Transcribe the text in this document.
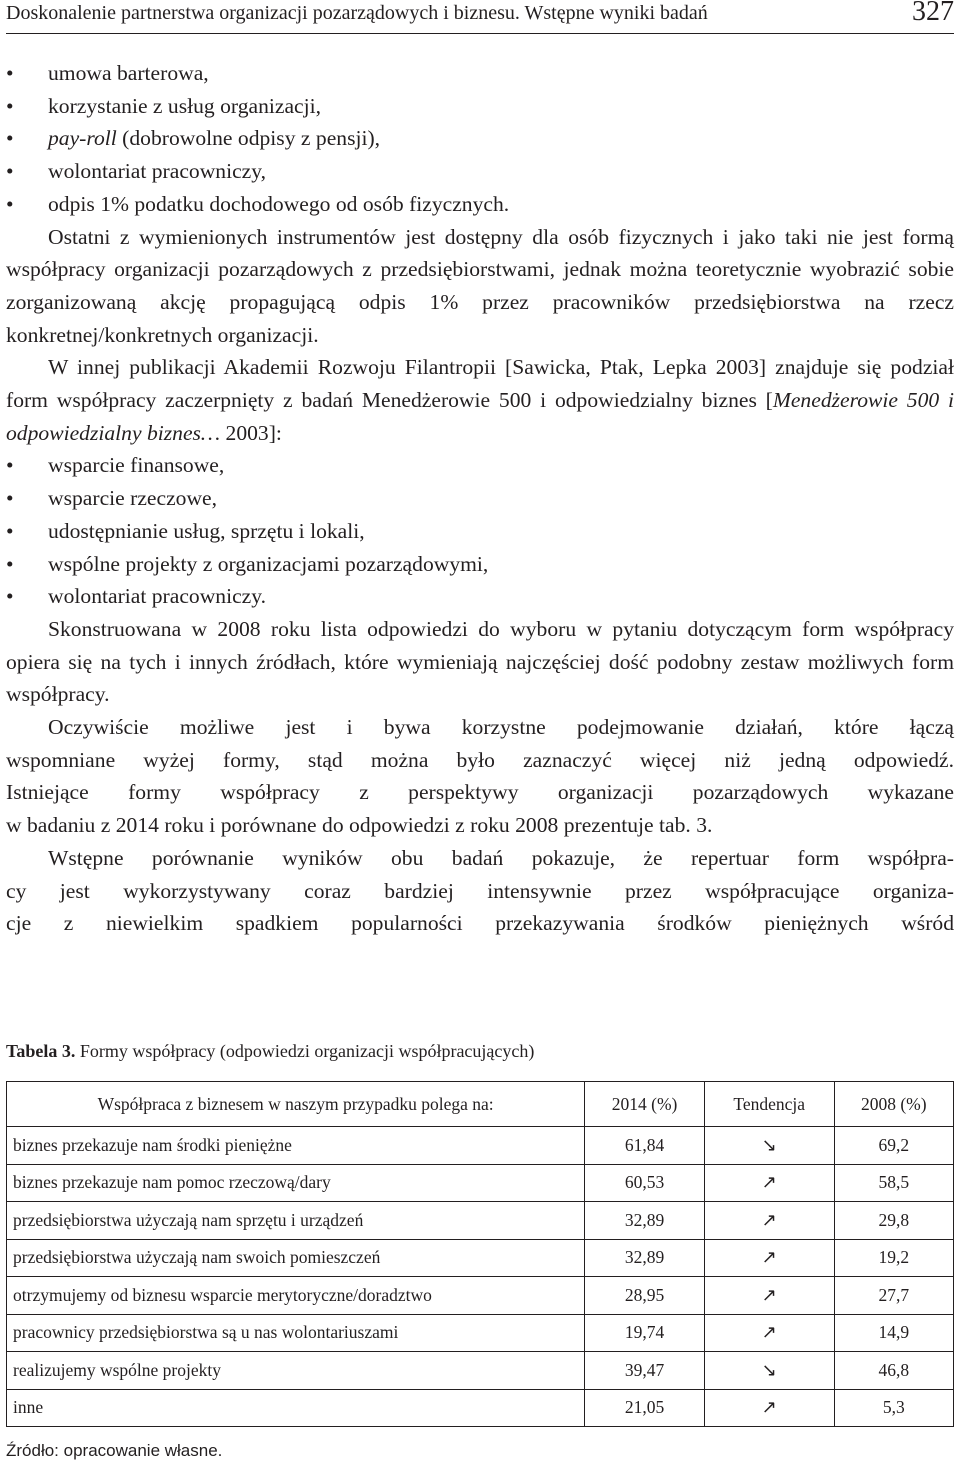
Doskonalenie partnerstwa organizacji pozarządowych i biznesu. Wstępne wyniki badań	327
• umowa barterowa,
• korzystanie z usług organizacji,
• pay-roll (dobrowolne odpisy z pensji),
• wolontariat pracowniczy,
• odpis 1% podatku dochodowego od osób fizycznych.

Ostatni z wymienionych instrumentów jest dostępny dla osób fizycznych i jako taki nie jest formą współpracy organizacji pozarządowych z przedsiębiorstwami, jednak można teoretycznie wyobrazić sobie zorganizowaną akcję propagującą odpis 1% przez pracowników przedsiębiorstwa na rzecz konkretnej/konkretnych organizacji.

W innej publikacji Akademii Rozwoju Filantropii [Sawicka, Ptak, Lepka 2003] znajduje się podział form współpracy zaczerpnięty z badań Menedżerowie 500 i odpowiedzialny biznes [Menedżerowie 500 i odpowiedzialny biznes… 2003]:

• wsparcie finansowe,
• wsparcie rzeczowe,
• udostępnianie usług, sprzętu i lokali,
• wspólne projekty z organizacjami pozarządowymi,
• wolontariat pracowniczy.

Skonstruowana w 2008 roku lista odpowiedzi do wyboru w pytaniu dotyczącym form współpracy opiera się na tych i innych źródłach, które wymieniają najczęściej dość podobny zestaw możliwych form współpracy.

Oczywiście możliwe jest i bywa korzystne podejmowanie działań, które łączą
wspomniane wyżej formy, stąd można było zaznaczyć więcej niż jedną odpowiedź.
Istniejące formy współpracy z perspektywy organizacji pozarządowych wykazane
w badaniu z 2014 roku i porównane do odpowiedzi z roku 2008 prezentuje tab. 3.
Wstępne porównanie wyników obu badań pokazuje, że repertuar form współpra-
cy jest wykorzystywany coraz bardziej intensywnie przez współpracujące organiza-
cje z niewielkim spadkiem popularności przekazywania środków pieniężnych wśród
Tabela 3. Formy współpracy (odpowiedzi organizacji współpracujących)
Współpraca z biznesem w naszym przypadku polega na:	2014 (%)	Tendencja	2008 (%)
biznes przekazuje nam środki pieniężne	61,84	↘	69,2
biznes przekazuje nam pomoc rzeczową/dary	60,53	↗	58,5
przedsiębiorstwa użyczają nam sprzętu i urządzeń	32,89	↗	29,8
przedsiębiorstwa użyczają nam swoich pomieszczeń	32,89	↗	19,2
otrzymujemy od biznesu wsparcie merytoryczne/doradztwo	28,95	↗	27,7
pracownicy przedsiębiorstwa są u nas wolontariuszami	19,74	↗	14,9
realizujemy wspólne projekty	39,47	↘	46,8
inne	21,05	↗	5,3
Źródło: opracowanie własne.
